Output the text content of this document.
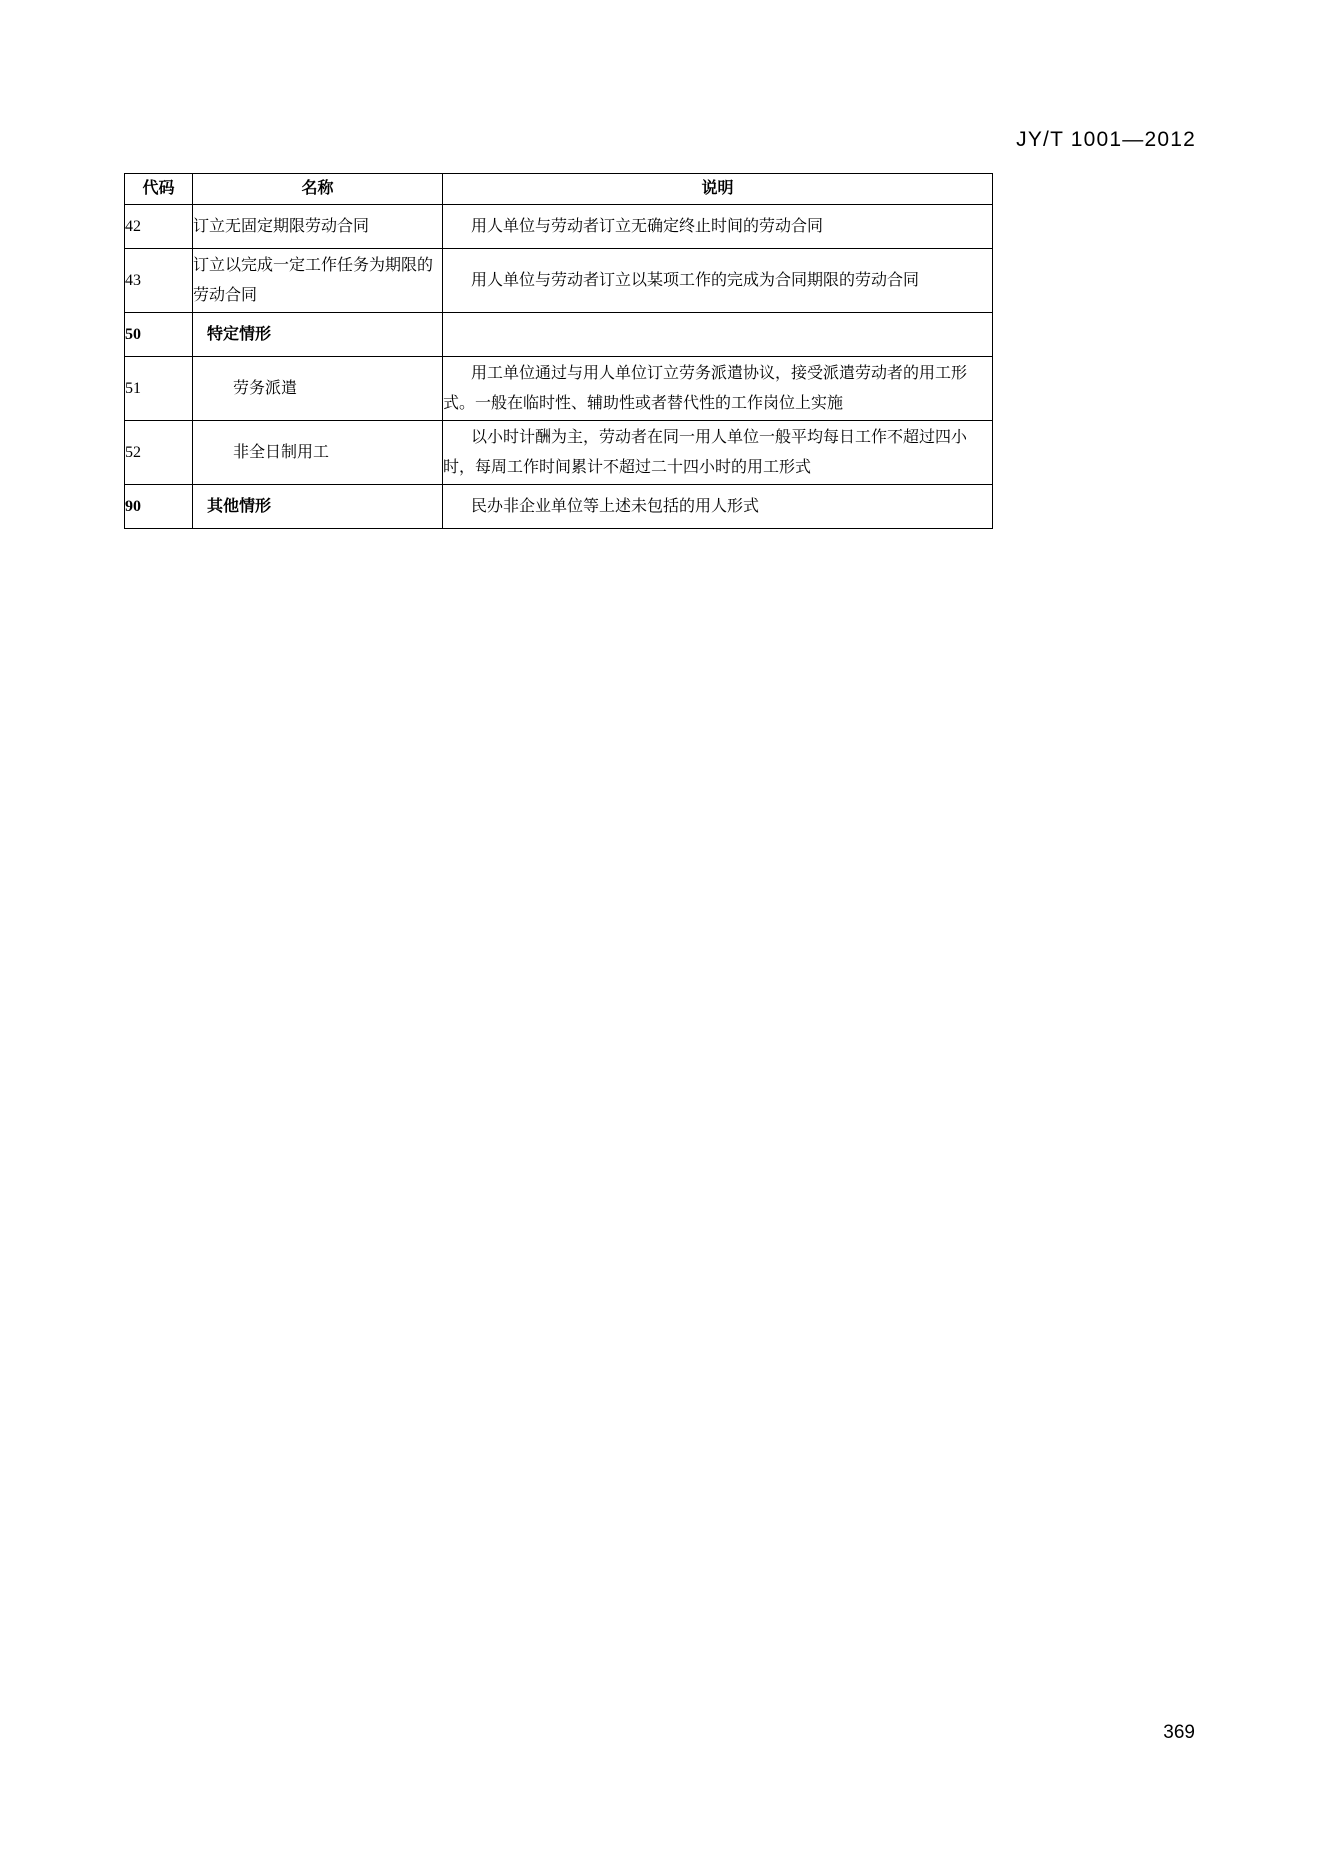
JY/T 1001—2012
代码	名称	说明
42	订立无固定期限劳动合同	用人单位与劳动者订立无确定终止时间的劳动合同

43	订立以完成一定工作任务为期限的劳动合同	用人单位与劳动者订立以某项工作的完成为合同期限的劳动合同

50	特定情形	

51	劳务派遣	用工单位通过与用人单位订立劳务派遣协议，接受派遣劳动者的用工形
式。一般在临时性、辅助性或者替代性的工作岗位上实施

52	非全日制用工	以小时计酬为主，劳动者在同一用人单位一般平均每日工作不超过四小
时，每周工作时间累计不超过二十四小时的用工形式

90	其他情形	民办非企业单位等上述未包括的用人形式
369
